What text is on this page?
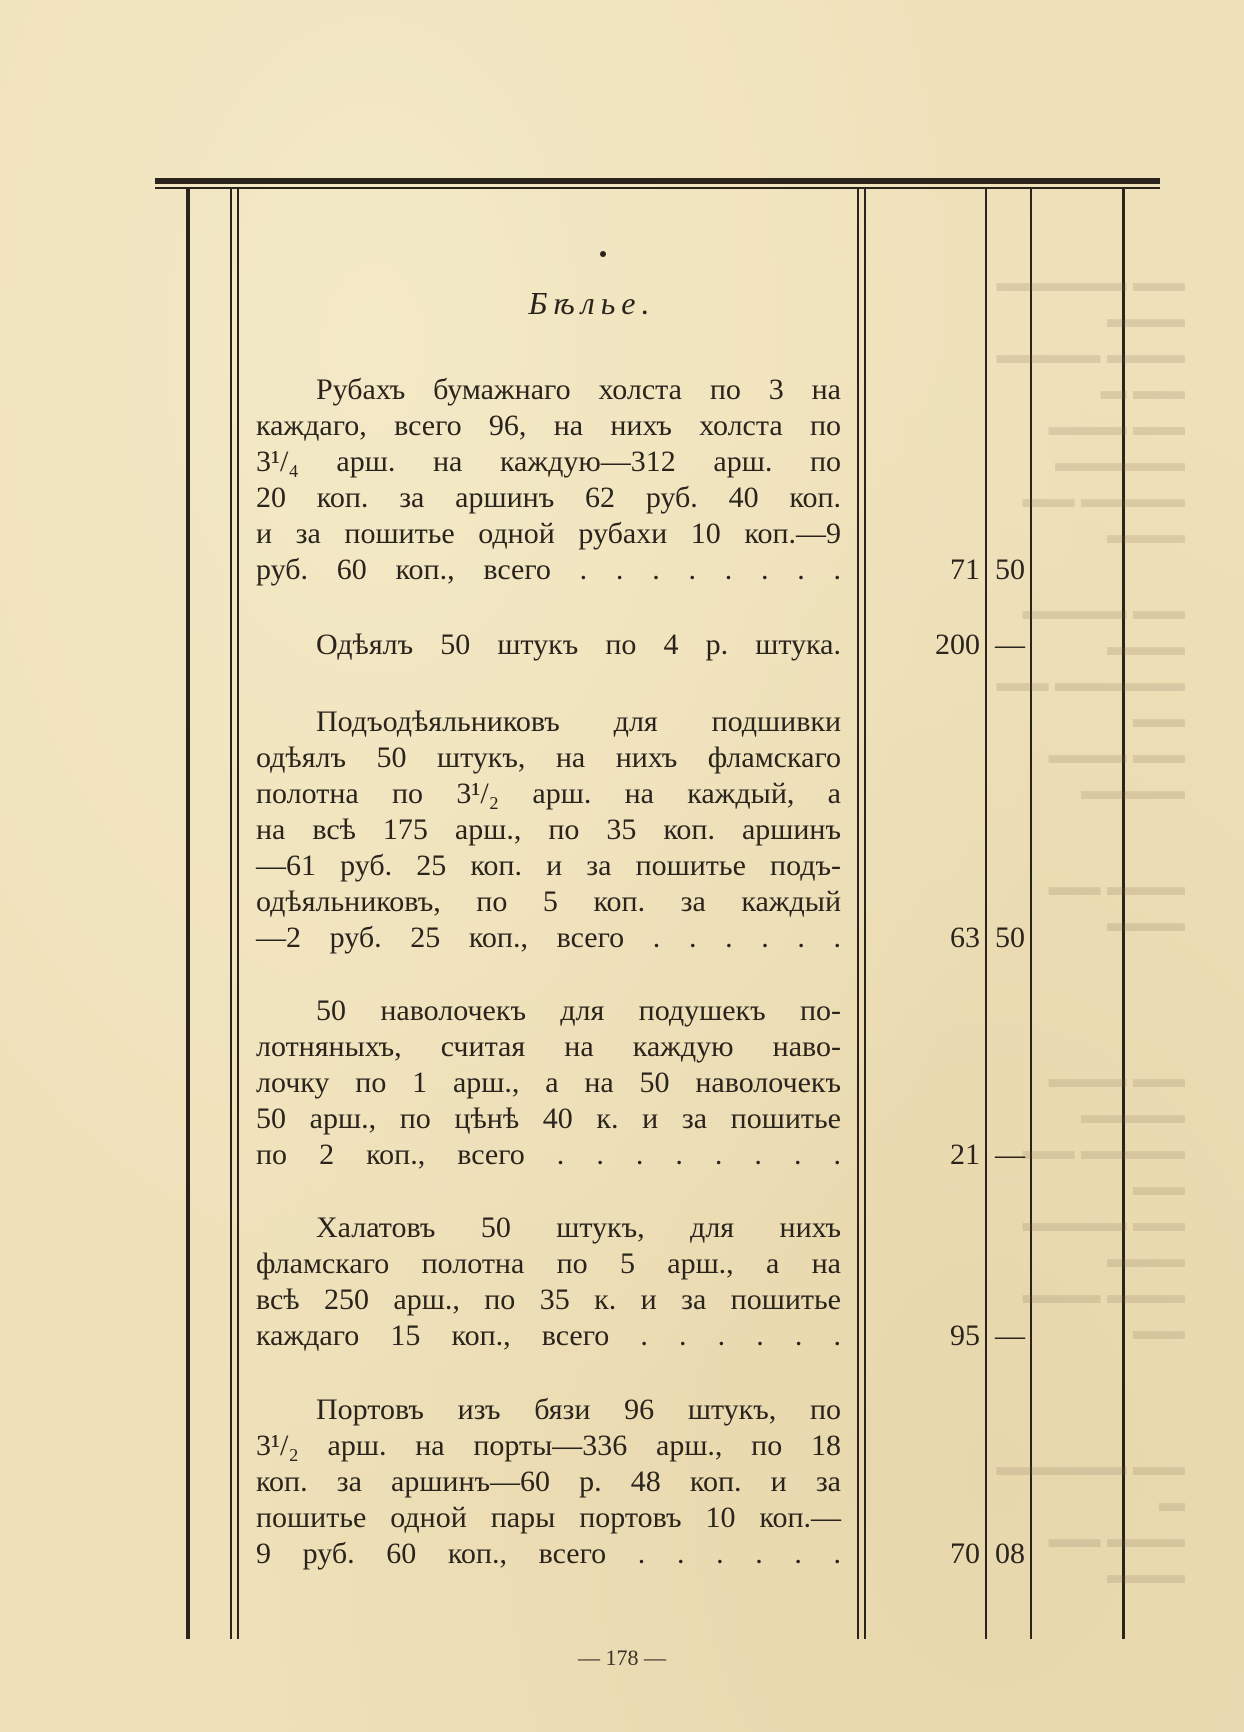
▬▬ ▬▬▬▬▬ ▬▬▬
▬▬▬ ▬▬▬▬ ▬▬ ▬
▬▬ ▬▬▬ ▬▬▬▬▬
▬▬▬▬ ▬▬ ▬▬▬
▬▬ ▬▬▬▬ ▬▬▬
▬▬▬▬▬ ▬▬ ▬▬
▬▬ ▬▬▬ ▬▬▬▬
▬▬▬ ▬▬ ▬▬▬
▬▬ ▬▬▬ ▬▬▬▬
▬▬▬▬ ▬▬ ▬▬
▬▬ ▬▬▬▬ ▬▬▬
▬▬▬ ▬▬▬ ▬▬
▬▬ ▬▬▬▬▬ ▬
▬▬▬ ▬▬ ▬▬▬
Бѣлье.
Рубахъ бумажнаго холста по 3 на
каждаго, всего 96, на нихъ холста по
3¹/₄ арш. на каждую—312 арш. по
20 коп. за аршинъ 62 руб. 40 коп.
и за пошитье одной рубахи 10 коп.—9
руб. 60 коп., всего . . . . . . . .	71 50
Одѣялъ 50 штукъ по 4 р. штука.	200 —
Подъодѣяльниковъ для подшивки
одѣялъ 50 штукъ, на нихъ фламскаго
полотна по 3¹/₂ арш. на каждый, а
на всѣ 175 арш., по 35 коп. аршинъ
—61 руб. 25 коп. и за пошитье подъ-
одѣяльниковъ, по 5 коп. за каждый
—2 руб. 25 коп., всего . . . . . .	63 50
50 наволочекъ для подушекъ по-
лотняныхъ, считая на каждую наво-
лочку по 1 арш., а на 50 наволочекъ
50 арш., по цѣнѣ 40 к. и за пошитье
по 2 коп., всего . . . . . . . .	21 —
Халатовъ 50 штукъ, для нихъ
фламскаго полотна по 5 арш., а на
всѣ 250 арш., по 35 к. и за пошитье
каждаго 15 коп., всего . . . . . .	95 —
Портовъ изъ бязи 96 штукъ, по
3¹/₂ арш. на порты—336 арш., по 18
коп. за аршинъ—60 р. 48 коп. и за
пошитье одной пары портовъ 10 коп.—
9 руб. 60 коп., всего . . . . . .	70 08
— 178 —
